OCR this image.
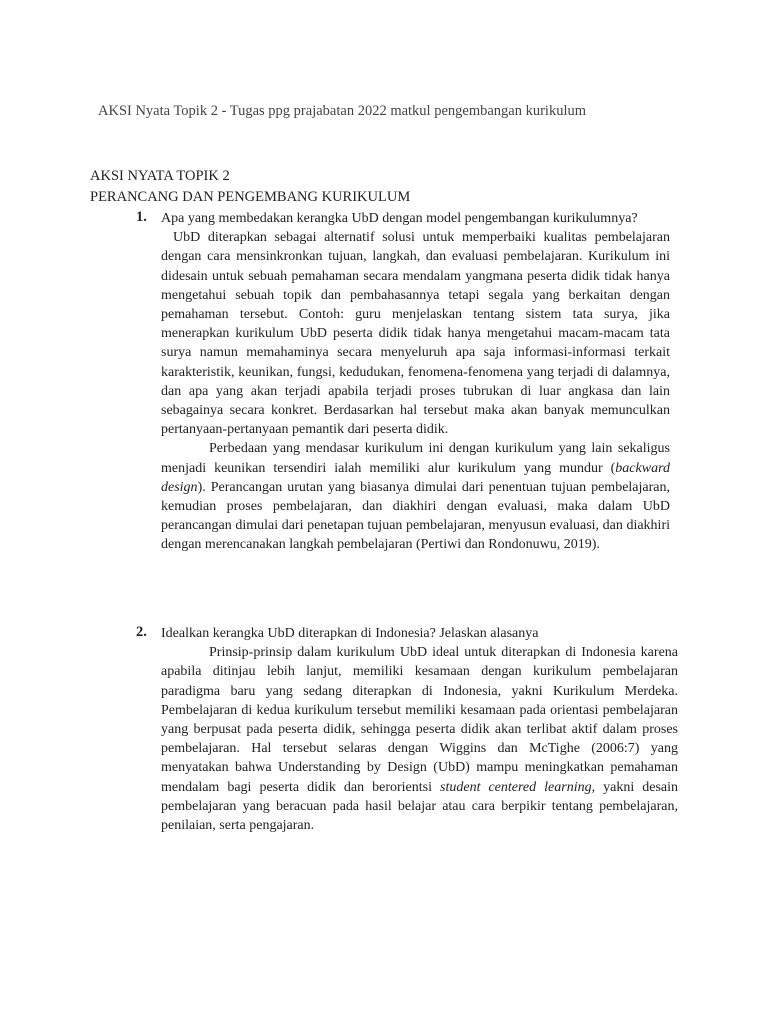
AKSI Nyata Topik 2 - Tugas ppg prajabatan 2022 matkul pengembangan kurikulum
AKSI NYATA TOPIK 2
PERANCANG DAN PENGEMBANG KURIKULUM
1. Apa yang membedakan kerangka UbD dengan model pengembangan kurikulumnya?

UbD diterapkan sebagai alternatif solusi untuk memperbaiki kualitas pembelajaran dengan cara mensinkronkan tujuan, langkah, dan evaluasi pembelajaran. Kurikulum ini didesain untuk sebuah pemahaman secara mendalam yangmana peserta didik tidak hanya mengetahui sebuah topik dan pembahasannya tetapi segala yang berkaitan dengan pemahaman tersebut. Contoh: guru menjelaskan tentang sistem tata surya, jika menerapkan kurikulum UbD peserta didik tidak hanya mengetahui macam-macam tata surya namun memahaminya secara menyeluruh apa saja informasi-informasi terkait karakteristik, keunikan, fungsi, kedudukan, fenomena-fenomena yang terjadi di dalamnya, dan apa yang akan terjadi apabila terjadi proses tubrukan di luar angkasa dan lain sebagainya secara konkret. Berdasarkan hal tersebut maka akan banyak memunculkan pertanyaan-pertanyaan pemantik dari peserta didik.

Perbedaan yang mendasar kurikulum ini dengan kurikulum yang lain sekaligus menjadi keunikan tersendiri ialah memiliki alur kurikulum yang mundur (backward design). Perancangan urutan yang biasanya dimulai dari penentuan tujuan pembelajaran, kemudian proses pembelajaran, dan diakhiri dengan evaluasi, maka dalam UbD perancangan dimulai dari penetapan tujuan pembelajaran, menyusun evaluasi, dan diakhiri dengan merencanakan langkah pembelajaran (Pertiwi dan Rondonuwu, 2019).

2. Idealkan kerangka UbD diterapkan di Indonesia? Jelaskan alasanya

Prinsip-prinsip dalam kurikulum UbD ideal untuk diterapkan di Indonesia karena apabila ditinjau lebih lanjut, memiliki kesamaan dengan kurikulum pembelajaran paradigma baru yang sedang diterapkan di Indonesia, yakni Kurikulum Merdeka. Pembelajaran di kedua kurikulum tersebut memiliki kesamaan pada orientasi pembelajaran yang berpusat pada peserta didik, sehingga peserta didik akan terlibat aktif dalam proses pembelajaran. Hal tersebut selaras dengan Wiggins dan McTighe (2006:7) yang menyatakan bahwa Understanding by Design (UbD) mampu meningkatkan pemahaman mendalam bagi peserta didik dan berorientsi student centered learning, yakni desain pembelajaran yang beracuan pada hasil belajar atau cara berpikir tentang pembelajaran, penilaian, serta pengajaran.
